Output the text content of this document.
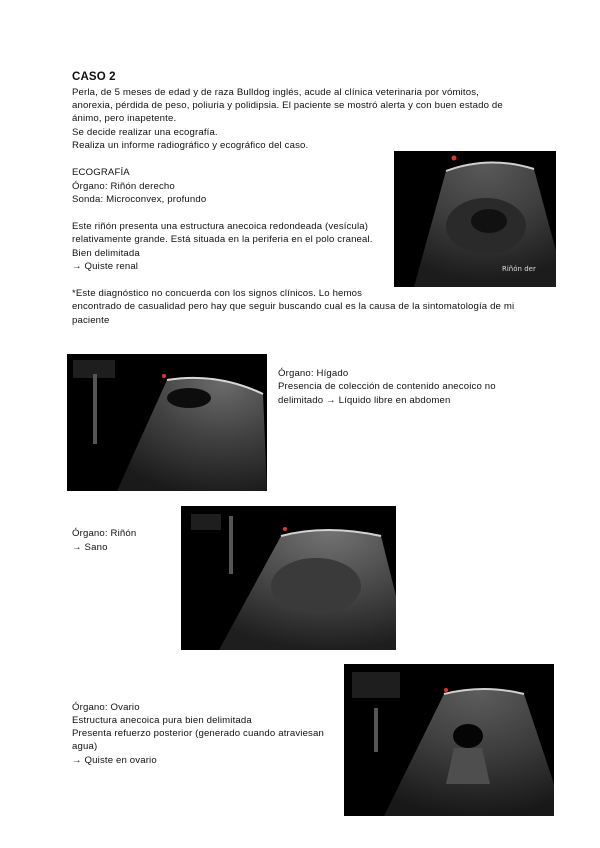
CASO 2
Perla, de 5 meses de edad y de raza Bulldog inglés, acude al clínica veterinaria por vómitos,
anorexia, pérdida de peso, poliuria y polidipsia. El paciente se mostró alerta y con buen estado de
ánimo, pero inapetente.
Se decide realizar una ecografía.
Realiza un informe radiográfico y ecográfico del caso.
ECOGRAFÍA
Órgano: Riñón derecho
Sonda: Microconvex, profundo
Este riñón presenta una estructura anecoica redondeada (vesícula)
relativamente grande. Está situada en la periferia en el polo craneal.
Bien delimitada
→ Quiste renal
*Este diagnóstico no concuerda con los signos clínicos. Lo hemos
encontrado de casualidad pero hay que seguir buscando cual es la causa de la sintomatología de mi
paciente
Riñón der
Órgano: Hígado
Presencia de colección de contenido anecoico no
delimitado → Líquido libre en abdomen
Órgano: Riñón
→ Sano
Órgano: Ovario
Estructura anecoica pura bien delimitada
Presenta refuerzo posterior (generado cuando atraviesan
agua)
→ Quiste en ovario
